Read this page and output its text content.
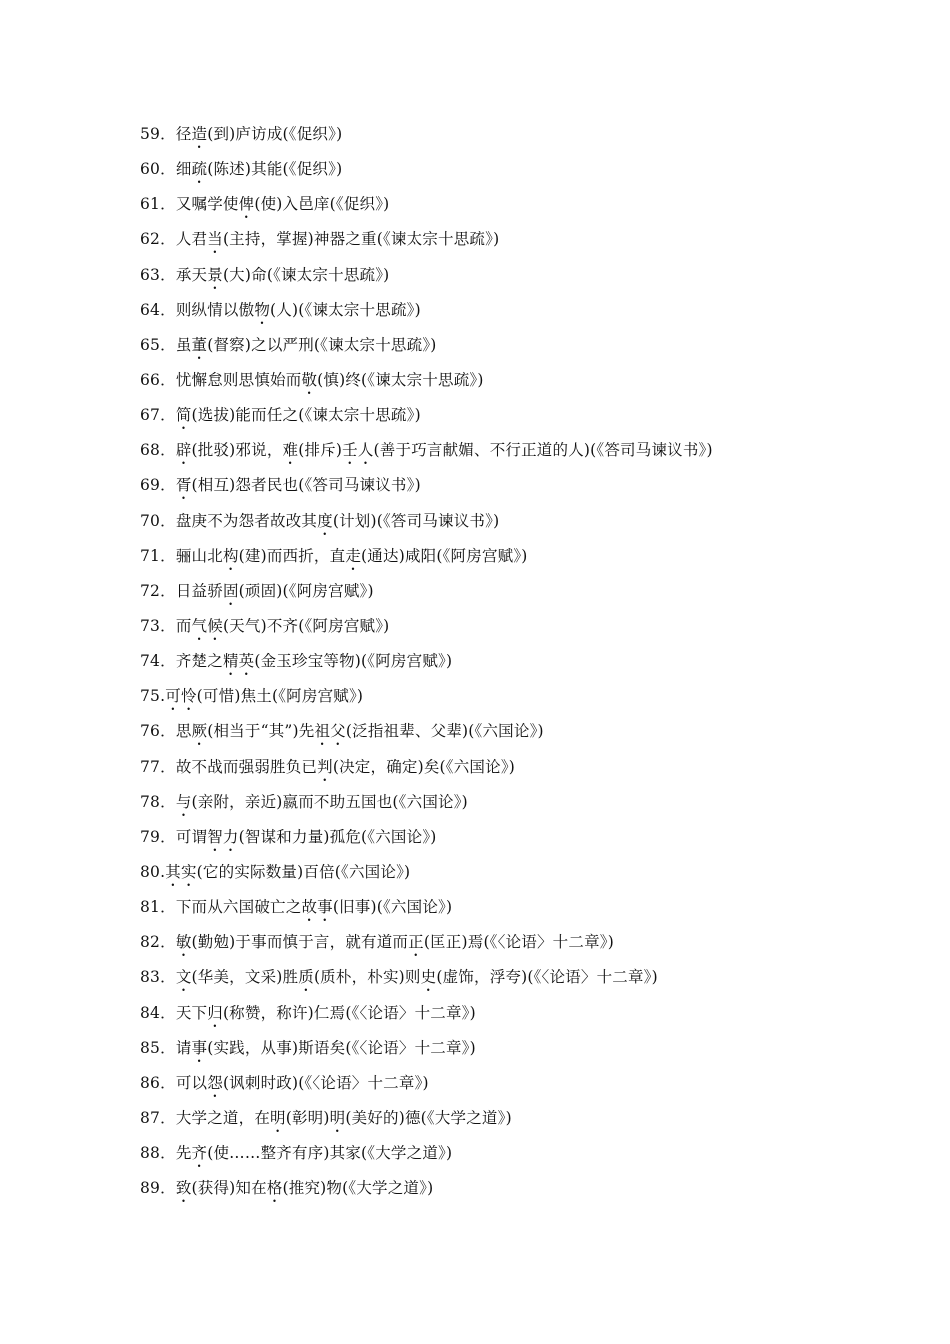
59．径造(到)庐访成(《促织》)
60．细疏(陈述)其能(《促织》)
61．又嘱学使俾(使)入邑庠(《促织》)
62．人君当(主持，掌握)神器之重(《谏太宗十思疏》)
63．承天景(大)命(《谏太宗十思疏》)
64．则纵情以傲物(人)(《谏太宗十思疏》)
65．虽董(督察)之以严刑(《谏太宗十思疏》)
66．忧懈怠则思慎始而敬(慎)终(《谏太宗十思疏》)
67．简(选拔)能而任之(《谏太宗十思疏》)
68．辟(批驳)邪说，难(排斥)壬人(善于巧言献媚、不行正道的人)(《答司马谏议书》)
69．胥(相互)怨者民也(《答司马谏议书》)
70．盘庚不为怨者故改其度(计划)(《答司马谏议书》)
71．骊山北构(建)而西折，直走(通达)咸阳(《阿房宫赋》)
72．日益骄固(顽固)(《阿房宫赋》)
73．而气候(天气)不齐(《阿房宫赋》)
74．齐楚之精英(金玉珍宝等物)(《阿房宫赋》)
75.可怜(可惜)焦土(《阿房宫赋》)
76．思厥(相当于“其”)先祖父(泛指祖辈、父辈)(《六国论》)
77．故不战而强弱胜负已判(决定，确定)矣(《六国论》)
78．与(亲附，亲近)嬴而不助五国也(《六国论》)
79．可谓智力(智谋和力量)孤危(《六国论》)
80.其实(它的实际数量)百倍(《六国论》)
81．下而从六国破亡之故事(旧事)(《六国论》)
82．敏(勤勉)于事而慎于言，就有道而正(匡正)焉(《〈论语〉十二章》)
83．文(华美，文采)胜质(质朴，朴实)则史(虚饰，浮夸)(《〈论语〉十二章》)
84．天下归(称赞，称许)仁焉(《〈论语〉十二章》)
85．请事(实践，从事)斯语矣(《〈论语〉十二章》)
86．可以怨(讽刺时政)(《〈论语〉十二章》)
87．大学之道，在明(彰明)明(美好的)德(《大学之道》)
88．先齐(使……整齐有序)其家(《大学之道》)
89．致(获得)知在格(推究)物(《大学之道》)
